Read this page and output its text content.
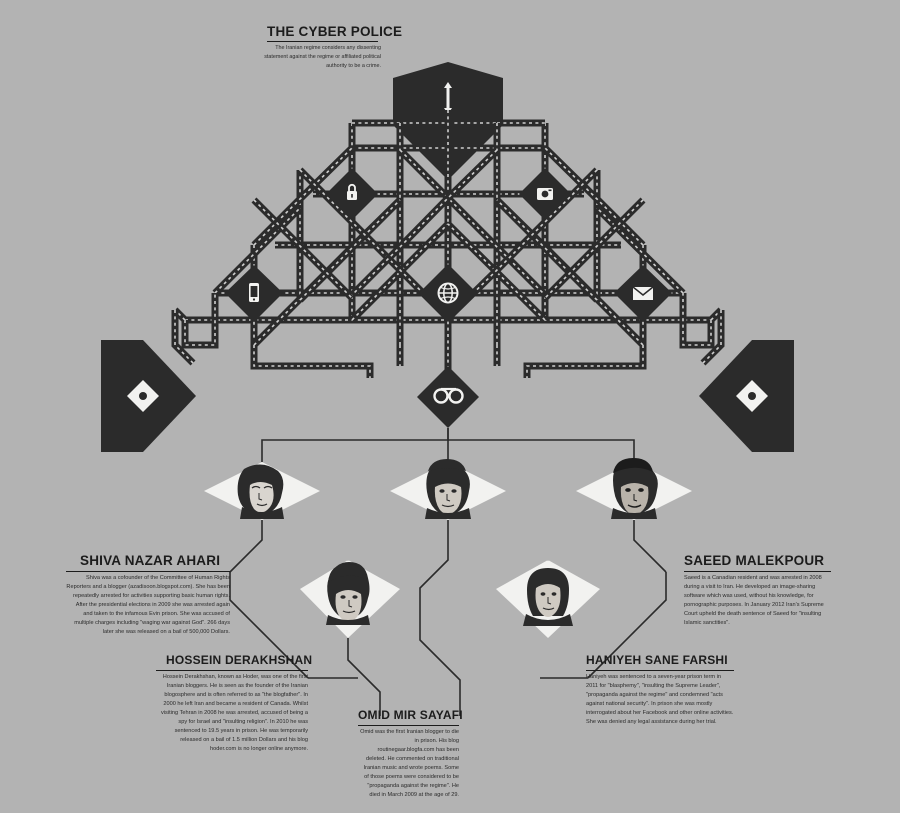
THE CYBER POLICE
The Iranian regime considers any dissenting statement against the regime or affiliated political authority to be a crime.
SHIVA NAZAR AHARI
Shiva was a cofounder of the Committee of Human Rights Reporters and a blogger (azadisoon.blogspot.com). She has been repeatedly arrested for activities supporting basic human rights. After the presidential elections in 2009 she was arrested again and taken to the infamous Evin prison. She was accused of multiple charges including "waging war against God". 266 days later she was released on a bail of 500,000 Dollars.
HOSSEIN DERAKHSHAN
Hossein Derakhshan, known as Hoder, was one of the first Iranian bloggers. He is seen as the founder of the Iranian blogosphere and is often referred to as "the blogfather". In 2000 he left Iran and became a resident of Canada. Whilst visiting Tehran in 2008 he was arrested, accused of being a spy for Israel and "insulting religion". In 2010 he was sentenced to 19.5 years in prison. He was temporarily released on a bail of 1.5 million Dollars and his blog hoder.com is no longer online anymore.
OMID MIR SAYAFI
Omid was the first Iranian blogger to die in prison. His blog routinegaar.blogfa.com has been deleted. He commented on traditional Iranian music and wrote poems. Some of those poems were considered to be "propaganda against the regime". He died in March 2009 at the age of 29.
HANIYEH SANE FARSHI
Haniyeh was sentenced to a seven-year prison term in 2011 for "blasphemy", "insulting the Supreme Leader", "propaganda against the regime" and condemned "acts against national security". In prison she was mostly interrogated about her Facebook and other online activities. She was denied any legal assistance during her trial.
SAEED MALEKPOUR
Saeed is a Canadian resident and was arrested in 2008 during a visit to Iran. He developed an image-sharing software which was used, without his knowledge, for pornographic purposes. In January 2012 Iran's Supreme Court upheld the death sentence of Saeed for "insulting Islamic sanctities".
